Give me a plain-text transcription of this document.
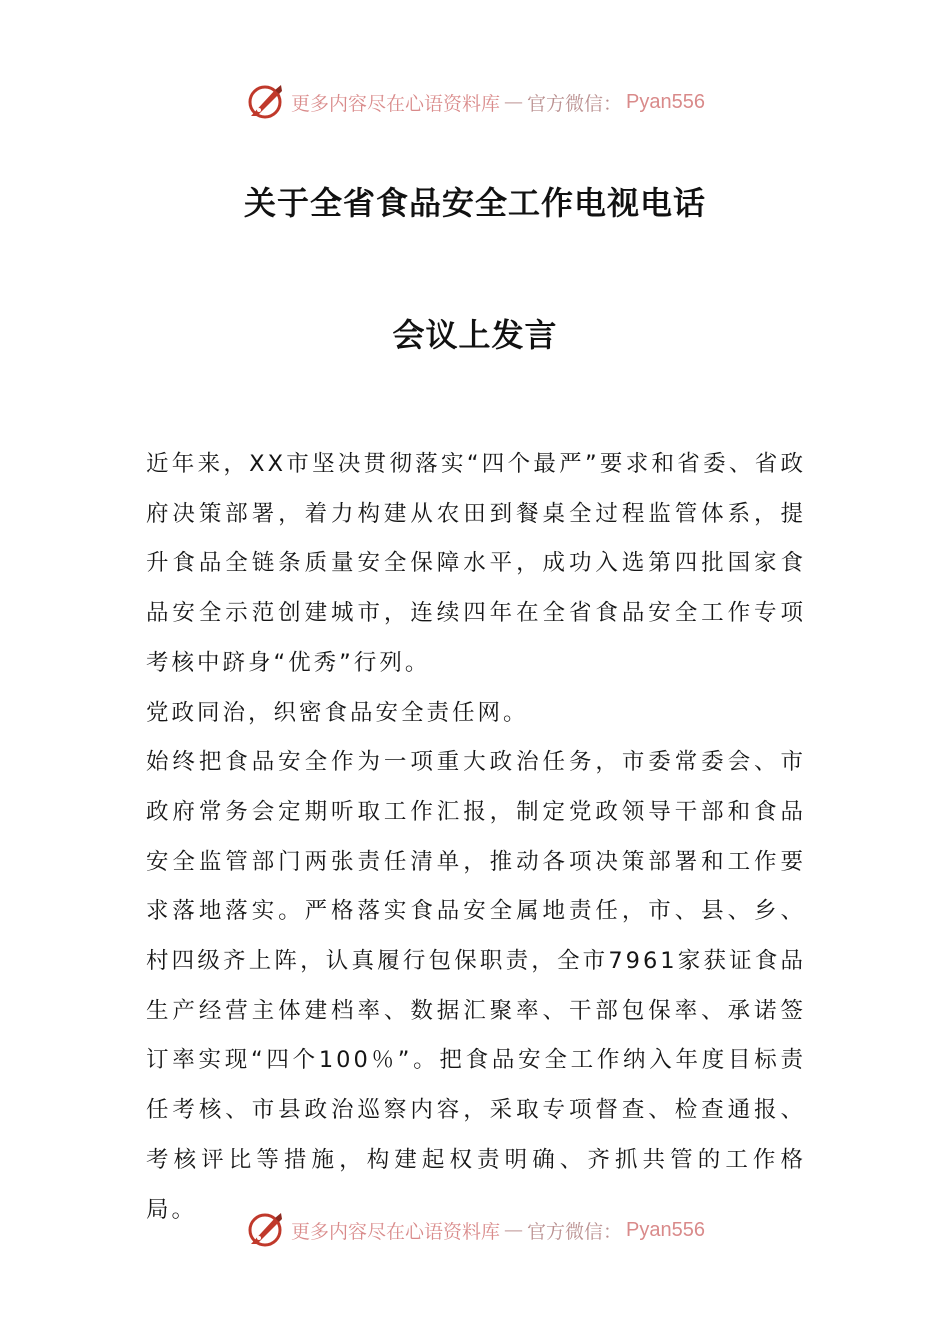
更多内容尽在心语资料库 — 官方微信： Pyan556
关于全省食品安全工作电视电话
会议上发言

近年来，XX市坚决贯彻落实“四个最严”要求和省委、省政府决策部署，着力构建从农田到餐桌全过程监管体系，提升食品全链条质量安全保障水平，成功入选第四批国家食品安全示范创建城市，连续四年在全省食品安全工作专项考核中跻身“优秀”行列。

党政同治，织密食品安全责任网。

始终把食品安全作为一项重大政治任务，市委常委会、市政府常务会定期听取工作汇报，制定党政领导干部和食品安全监管部门两张责任清单，推动各项决策部署和工作要求落地落实。严格落实食品安全属地责任，市、县、乡、村四级齐上阵，认真履行包保职责，全市7961家获证食品生产经营主体建档率、数据汇聚率、干部包保率、承诺签订率实现“四个100％”。把食品安全工作纳入年度目标责任考核、市县政治巡察内容，采取专项督查、检查通报、考核评比等措施，构建起权责明确、齐抓共管的工作格局。

更多内容尽在心语资料库 — 官方微信： Pyan556
